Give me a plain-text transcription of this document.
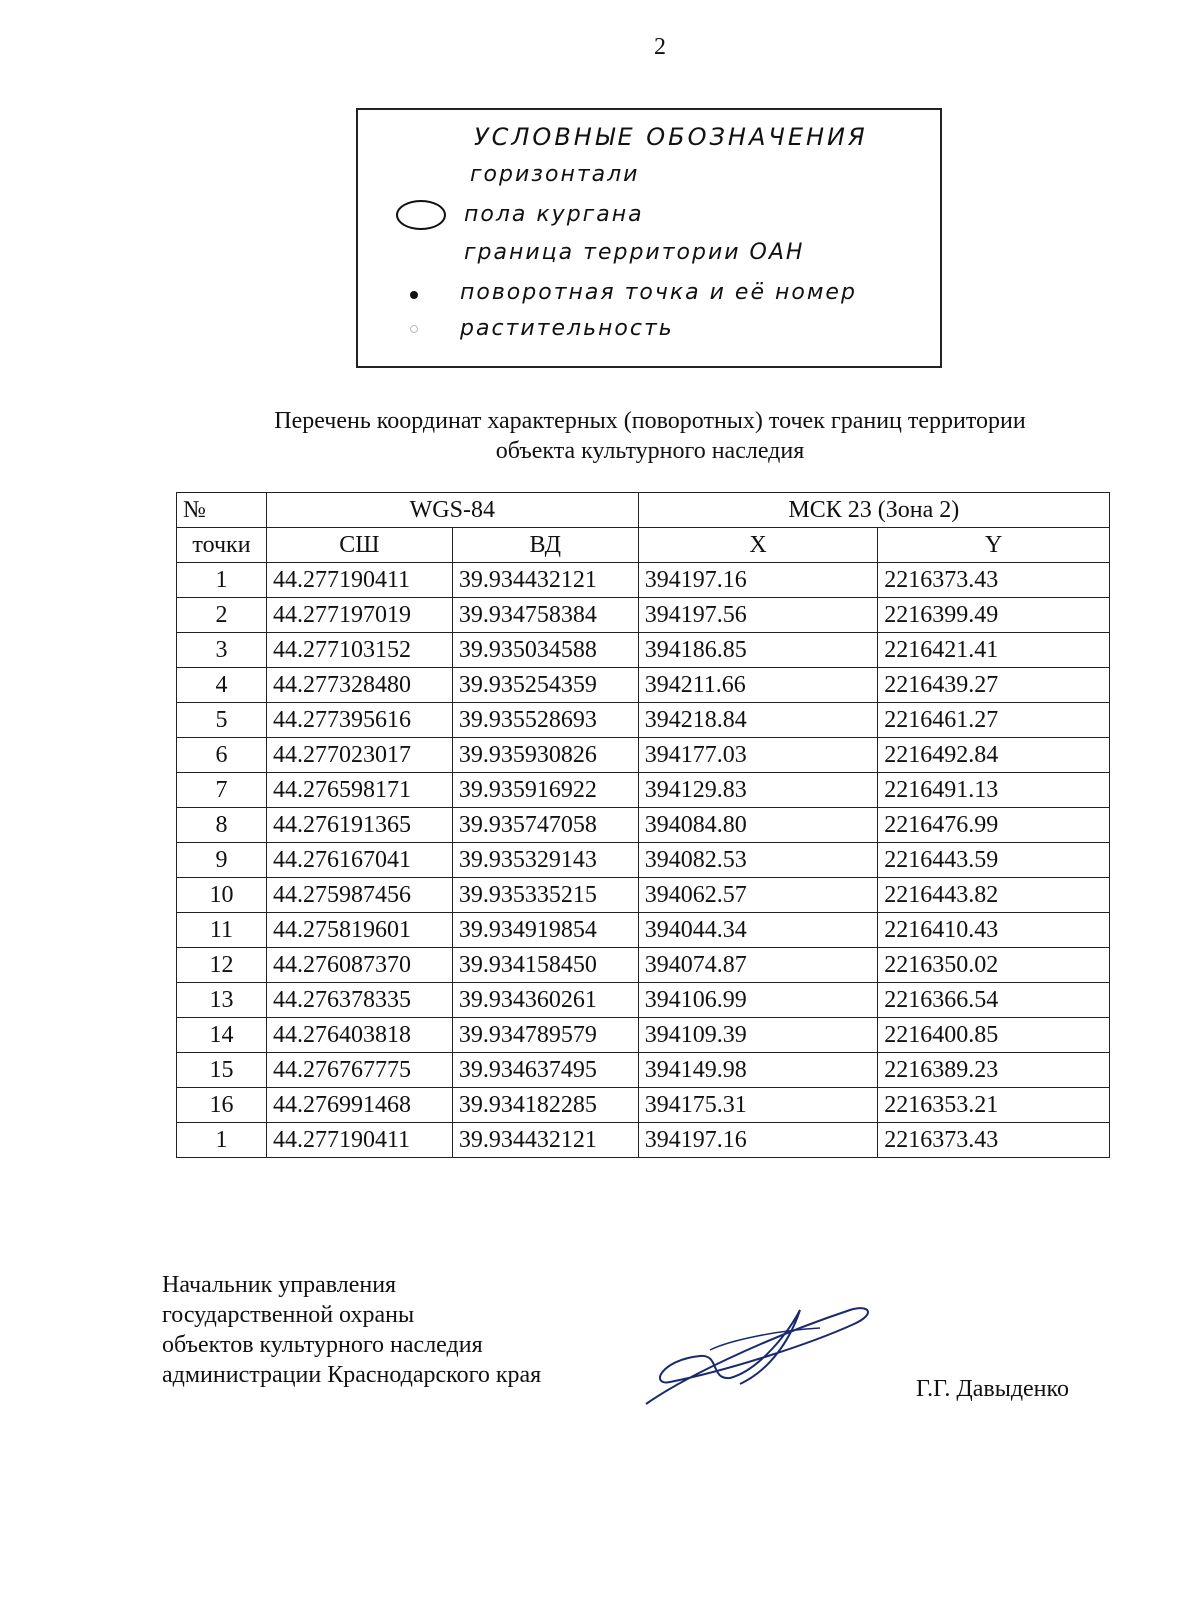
2
УСЛОВНЫЕ ОБОЗНАЧЕНИЯ
горизонтали
пола кургана
граница территории ОАН
поворотная точка и её номер
растительность
Перечень координат характерных (поворотных) точек границ территории
объекта культурного наследия
№	WGS-84		МСК 23 (Зона 2)	
точки	СШ	ВД	X	Y
1	44.277190411	39.934432121	394197.16	2216373.43
2	44.277197019	39.934758384	394197.56	2216399.49
3	44.277103152	39.935034588	394186.85	2216421.41
4	44.277328480	39.935254359	394211.66	2216439.27
5	44.277395616	39.935528693	394218.84	2216461.27
6	44.277023017	39.935930826	394177.03	2216492.84
7	44.276598171	39.935916922	394129.83	2216491.13
8	44.276191365	39.935747058	394084.80	2216476.99
9	44.276167041	39.935329143	394082.53	2216443.59
10	44.275987456	39.935335215	394062.57	2216443.82
11	44.275819601	39.934919854	394044.34	2216410.43
12	44.276087370	39.934158450	394074.87	2216350.02
13	44.276378335	39.934360261	394106.99	2216366.54
14	44.276403818	39.934789579	394109.39	2216400.85
15	44.276767775	39.934637495	394149.98	2216389.23
16	44.276991468	39.934182285	394175.31	2216353.21
1	44.277190411	39.934432121	394197.16	2216373.43
Начальник управления
государственной охраны
объектов культурного наследия
администрации Краснодарского края
Г.Г. Давыденко
